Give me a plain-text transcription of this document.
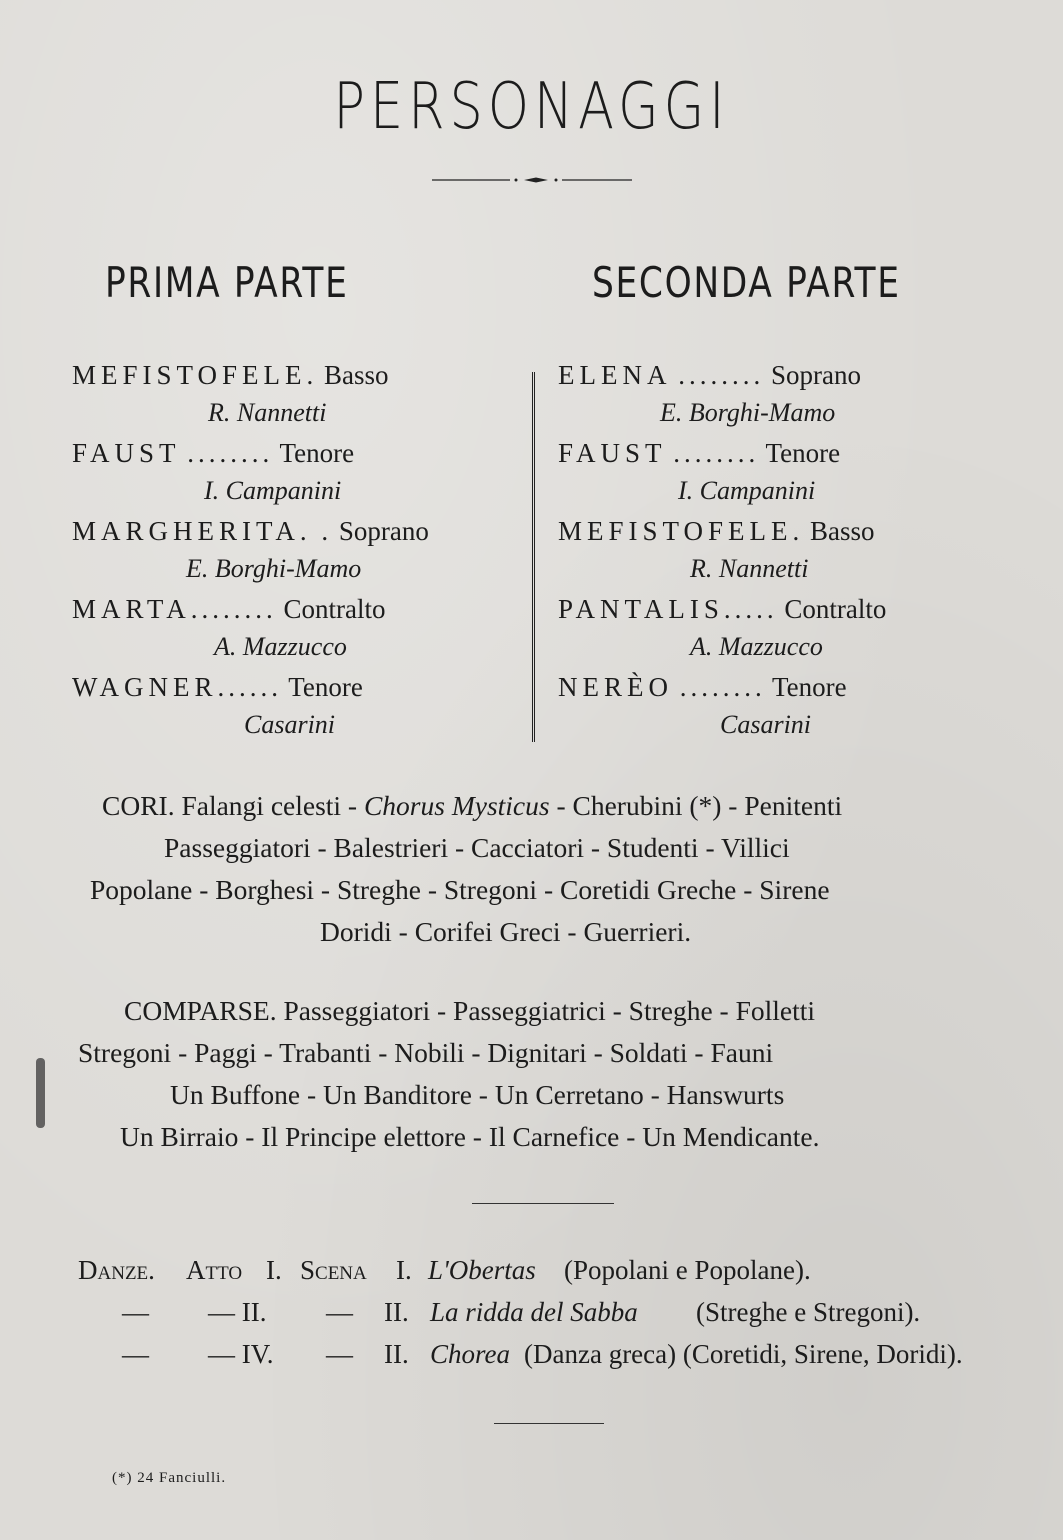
PERSONAGGI
PRIMA PARTE	SECONDA PARTE
MEFISTOFELE. Basso
R. Nannetti
FAUST ........ Tenore
I. Campanini
MARGHERITA. . Soprano
E. Borghi-Mamo
MARTA........ Contralto
A. Mazzucco
WAGNER...... Tenore
Casarini
ELENA ........ Soprano
E. Borghi-Mamo
FAUST ........ Tenore
I. Campanini
MEFISTOFELE. Basso
R. Nannetti
PANTALIS..... Contralto
A. Mazzucco
NERÈO ........ Tenore
Casarini
CORI. Falangi celesti - Chorus Mysticus - Cherubini (*) - Penitenti
Passeggiatori - Balestrieri - Cacciatori - Studenti - Villici
Popolane - Borghesi - Streghe - Stregoni - Coretidi Greche - Sirene
Doridi - Corifei Greci - Guerrieri.
COMPARSE. Passeggiatori - Passeggiatrici - Streghe - Folletti
Stregoni - Paggi - Trabanti - Nobili - Dignitari - Soldati - Fauni
Un Buffone - Un Banditore - Un Cerretano - Hanswurts
Un Birraio - Il Principe elettore - Il Carnefice - Un Mendicante.
Danze. Atto I. Scena I. L'Obertas (Popolani e Popolane).
— — II. — II. La ridda del Sabba (Streghe e Stregoni).
— — IV. — II. Chorea (Danza greca) (Coretidi, Sirene, Doridi).
(*) 24 Fanciulli.
